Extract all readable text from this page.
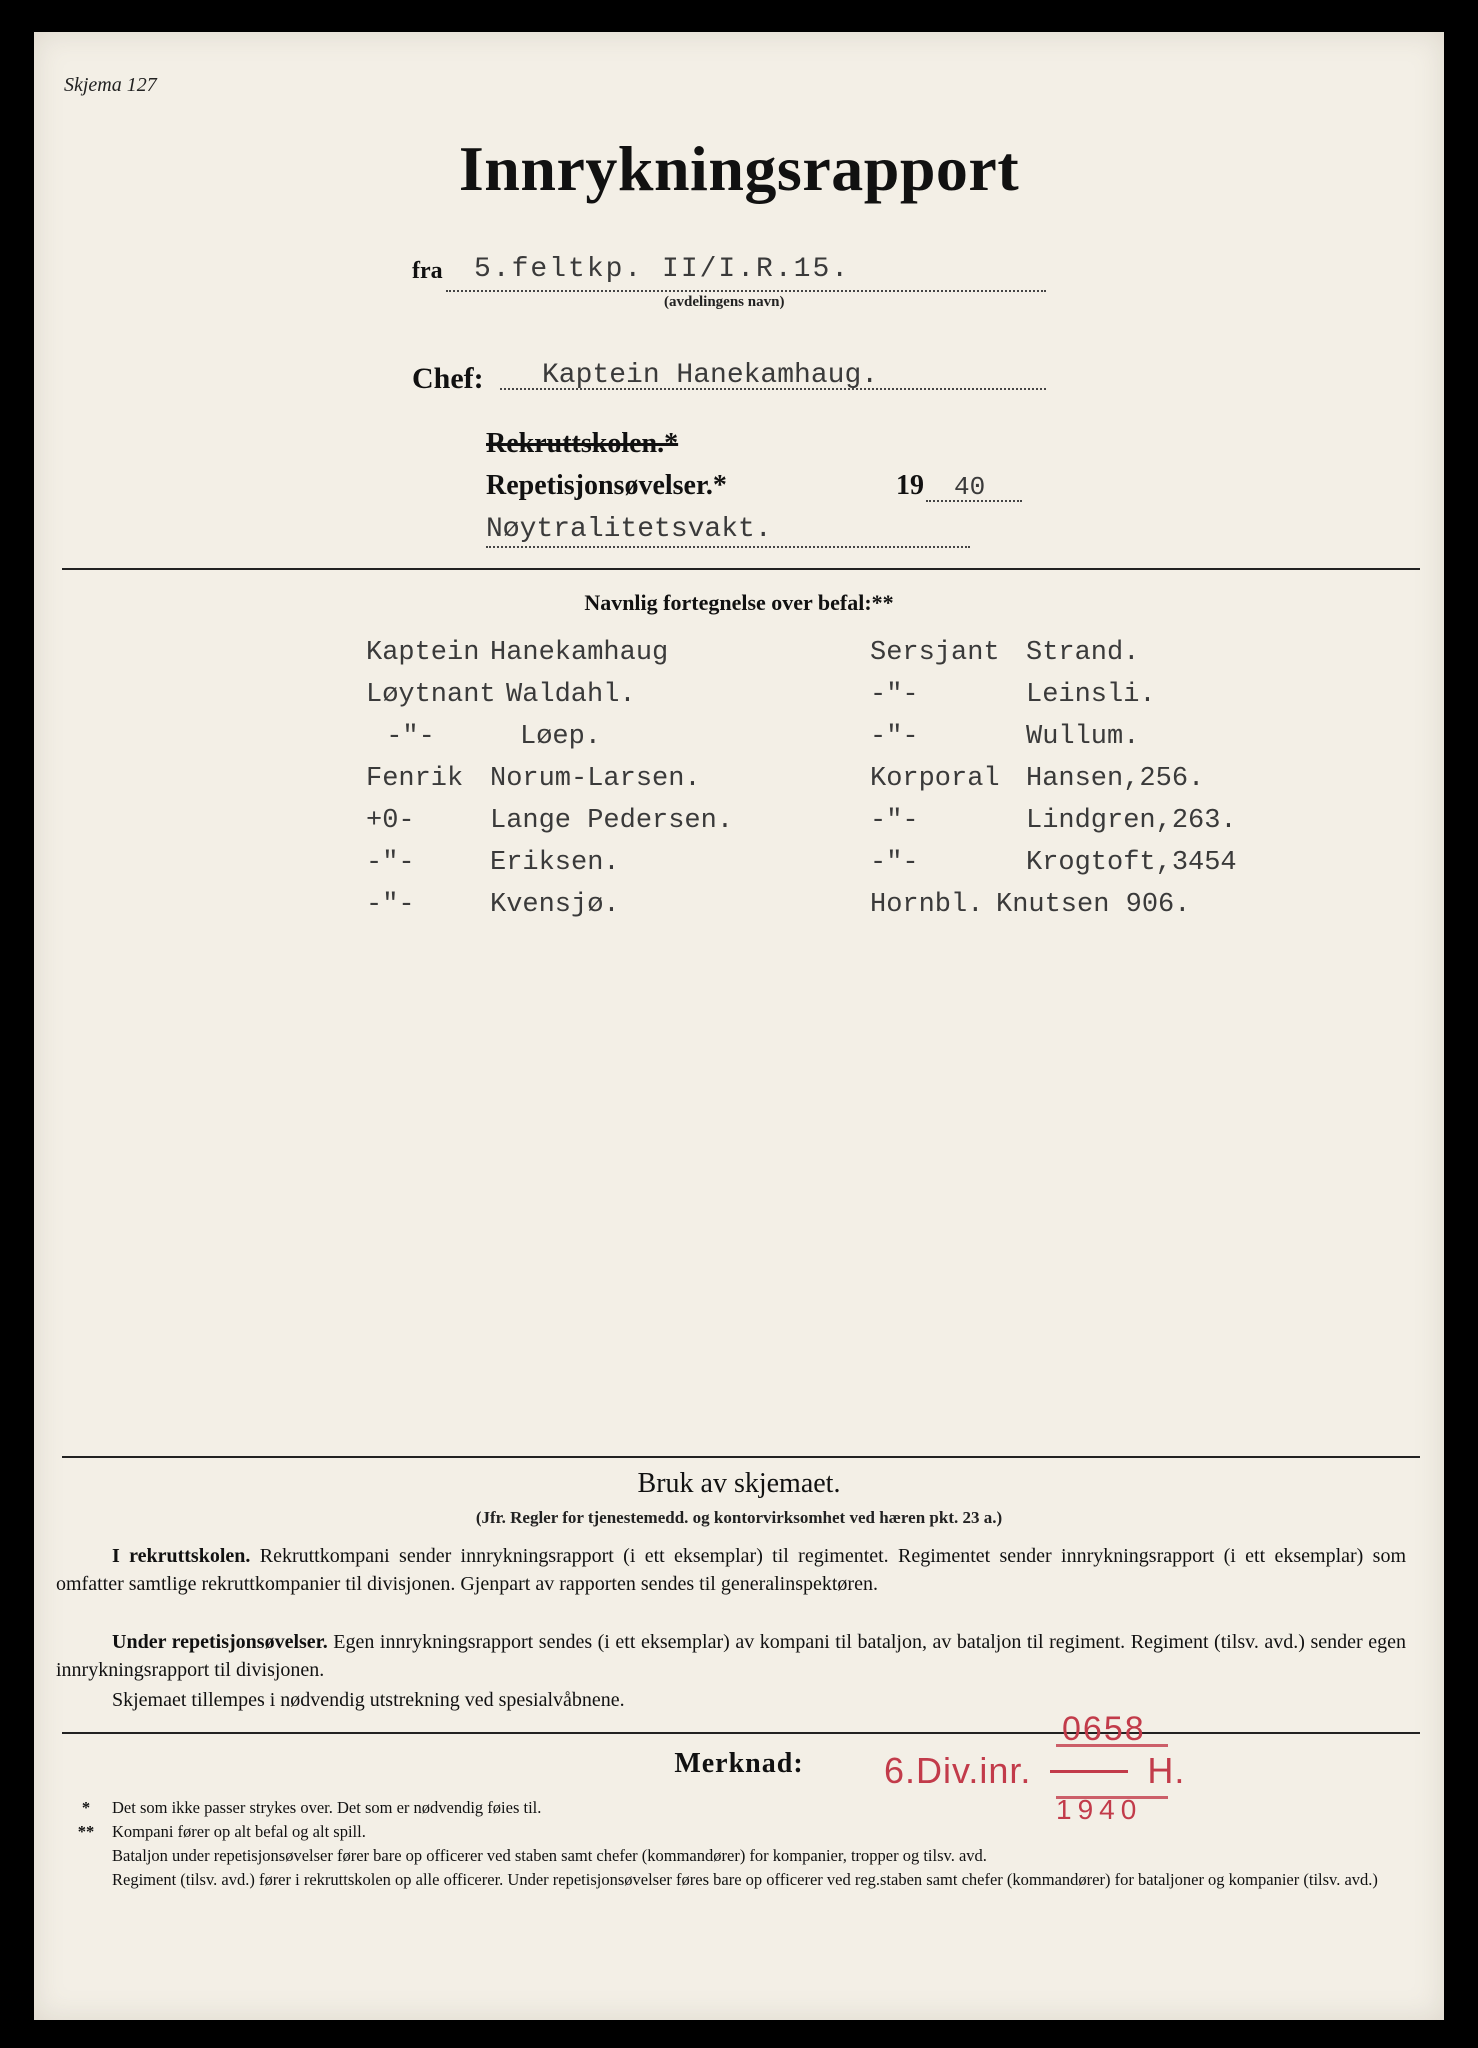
Skjema 127
Innrykningsrapport
fra 5.feltkp. II/I.R.15.
(avdelingens navn)
Chef: Kaptein Hanekamhaug.
Rekruttskolen.*
Repetisjonsøvelser.*	19 40
Nøytralitetsvakt.
Navnlig fortegnelse over befal:**
Kaptein Hanekamhaug
Løytnant Waldahl.
-"-	Løep.
Fenrik Norum-Larsen.
+0-	Lange Pedersen.
-"-	Eriksen.
-"-	Kvensjø.
Sersjant Strand.
-"-	Leinsli.
-"-	Wullum.
Korporal Hansen,256.
-"-	Lindgren,263.
-"-	Krogtoft,3454
Hornbl. Knutsen 906.
Bruk av skjemaet.
(Jfr. Regler for tjenestemedd. og kontorvirksomhet ved hæren pkt. 23 a.)
I rekruttskolen. Rekruttkompani sender innrykningsrapport (i ett eksemplar) til regimentet. Regimentet sender innrykningsrapport (i ett eksemplar) som omfatter samtlige rekruttkompanier til divisjonen. Gjenpart av rapporten sendes til generalinspektøren.
Under repetisjonsøvelser. Egen innrykningsrapport sendes (i ett eksemplar) av kompani til bataljon, av bataljon til regiment. Regiment (tilsv. avd.) sender egen innrykningsrapport til divisjonen.
Skjemaet tillempes i nødvendig utstrekning ved spesialvåbnene.
Merknad:
* Det som ikke passer strykes over. Det som er nødvendig føies til.
** Kompani fører op alt befal og alt spill.
Bataljon under repetisjonsøvelser fører bare op officerer ved staben samt chefer (kommandører) for kompanier, tropper og tilsv. avd.
Regiment (tilsv. avd.) fører i rekruttskolen op alle officerer. Under repetisjonsøvelser føres bare op officerer ved reg.staben samt chefer (kommandører) for bataljoner og kompanier (tilsv. avd.)
0658
6.Div.inr.	H.
1940
